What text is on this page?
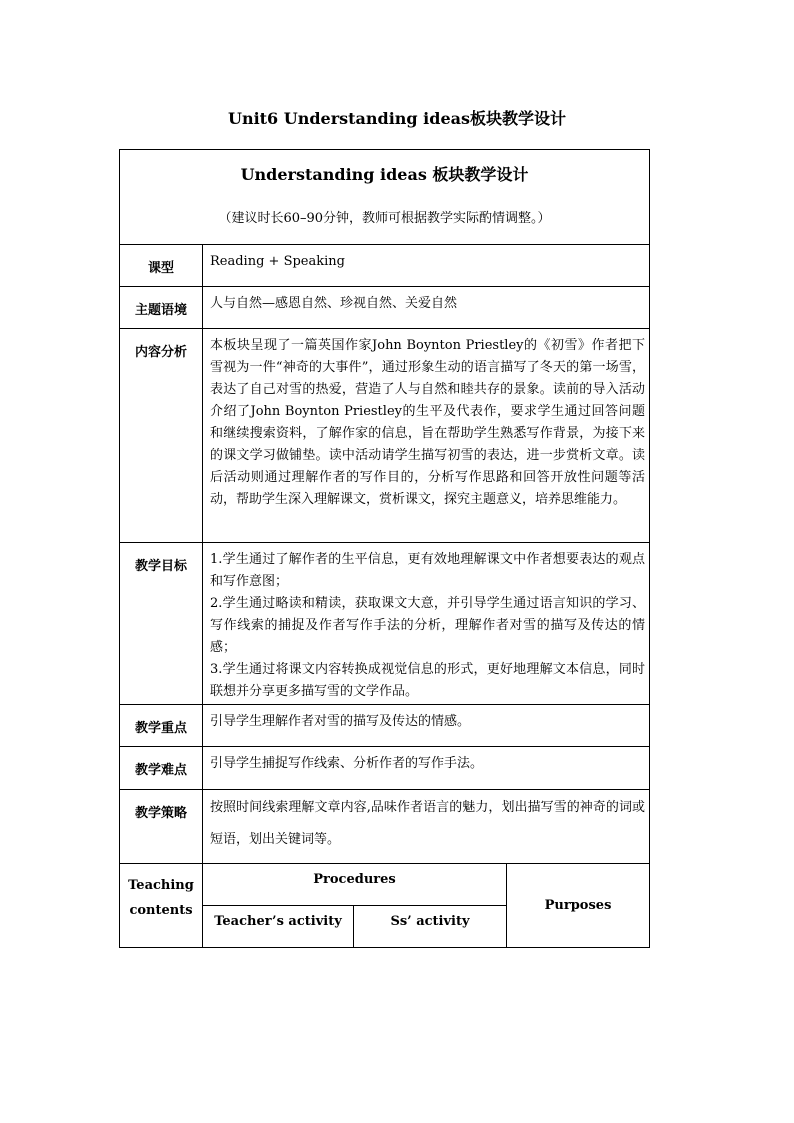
Unit6 Understanding ideas板块教学设计
Understanding ideas 板块教学设计
（建议时长60–90分钟，教师可根据教学实际酌情调整。）			

课型	Reading + Speaking		

主题语境	人与自然—感恩自然、珍视自然、关爱自然		

内容分析	本板块呈现了一篇英国作家John Boynton Priestley的《初雪》作者把下雪视为一件“神奇的大事件”，通过形象生动的语言描写了冬天的第一场雪，表达了自己对雪的热爱，营造了人与自然和睦共存的景象。读前的导入活动介绍了John Boynton Priestley的生平及代表作，要求学生通过回答问题和继续搜索资料，了解作家的信息，旨在帮助学生熟悉写作背景，为接下来的课文学习做铺垫。读中活动请学生描写初雪的表达，进一步赏析文章。读后活动则通过理解作者的写作目的，分析写作思路和回答开放性问题等活动，帮助学生深入理解课文，赏析课文，探究主题意义，培养思维能力。		

教学目标	1.学生通过了解作者的生平信息，更有效地理解课文中作者想要表达的观点和写作意图；
2.学生通过略读和精读，获取课文大意，并引导学生通过语言知识的学习、写作线索的捕捉及作者写作手法的分析，理解作者对雪的描写及传达的情感；
3.学生通过将课文内容转换成视觉信息的形式，更好地理解文本信息，同时联想并分享更多描写雪的文学作品。		

教学重点	引导学生理解作者对雪的描写及传达的情感。		

教学难点	引导学生捕捉写作线索、分析作者的写作手法。		

教学策略	按照时间线索理解文章内容,品味作者语言的魅力，划出描写雪的神奇的词或短语，划出关键词等。		

Teaching
contents	Procedures		Purposes

	Teacher’s activity	Ss’ activity	
